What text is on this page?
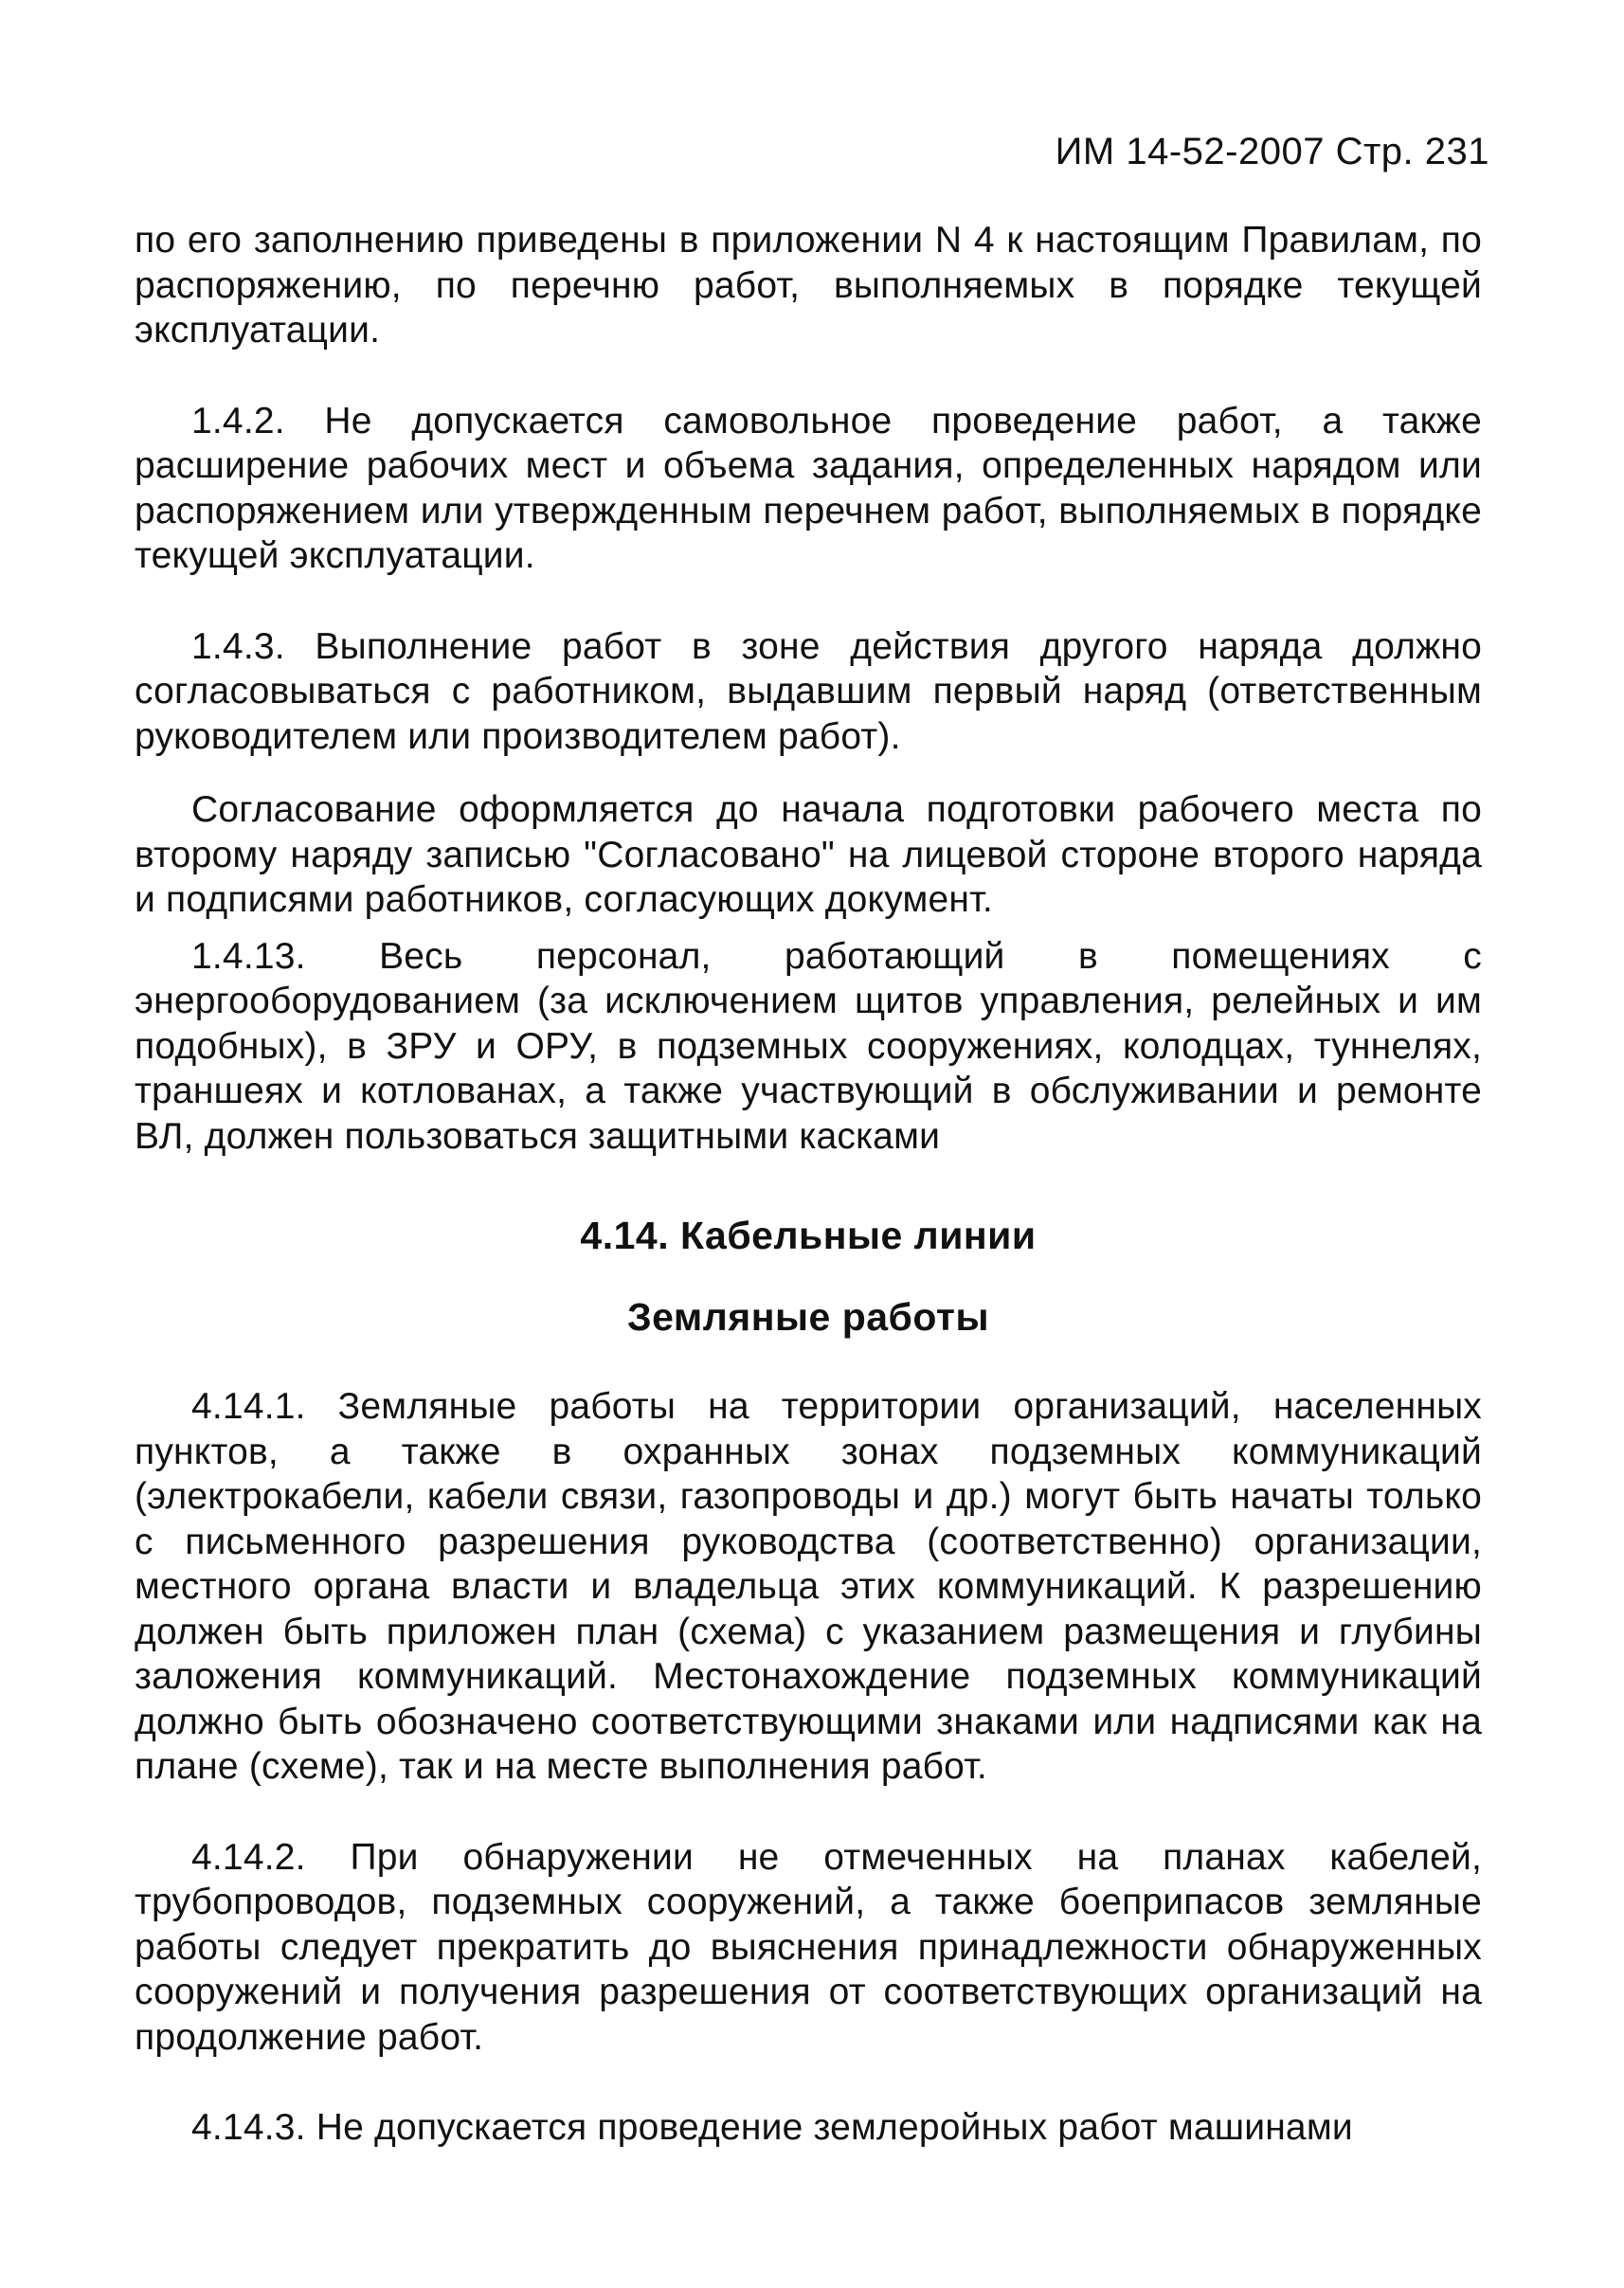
ИМ 14-52-2007 Стр. 231

по его заполнению приведены в приложении N 4 к настоящим Правилам, по распоряжению, по перечню работ, выполняемых в порядке текущей эксплуатации.

1.4.2. Не допускается самовольное проведение работ, а также расширение рабочих мест и объема задания, определенных нарядом или распоряжением или утвержденным перечнем работ, выполняемых в порядке текущей эксплуатации.

1.4.3. Выполнение работ в зоне действия другого наряда должно согласовываться с работником, выдавшим первый наряд (ответственным руководителем или производителем работ).

Согласование оформляется до начала подготовки рабочего места по второму наряду записью "Согласовано" на лицевой стороне второго наряда и подписями работников, согласующих документ.

1.4.13. Весь персонал, работающий в помещениях с энергооборудованием (за исключением щитов управления, релейных и им подобных), в ЗРУ и ОРУ, в подземных сооружениях, колодцах, туннелях, траншеях и котлованах, а также участвующий в обслуживании и ремонте ВЛ, должен пользоваться защитными касками

4.14. Кабельные линии
Земляные работы

4.14.1. Земляные работы на территории организаций, населенных пунктов, а также в охранных зонах подземных коммуникаций (электрокабели, кабели связи, газопроводы и др.) могут быть начаты только с письменного разрешения руководства (соответственно) организации, местного органа власти и владельца этих коммуникаций. К разрешению должен быть приложен план (схема) с указанием размещения и глубины заложения коммуникаций. Местонахождение подземных коммуникаций должно быть обозначено соответствующими знаками или надписями как на плане (схеме), так и на месте выполнения работ.

4.14.2. При обнаружении не отмеченных на планах кабелей, трубопроводов, подземных сооружений, а также боеприпасов земляные работы следует прекратить до выяснения принадлежности обнаруженных сооружений и получения разрешения от соответствующих организаций на продолжение работ.

4.14.3. Не допускается проведение землеройных работ машинами
